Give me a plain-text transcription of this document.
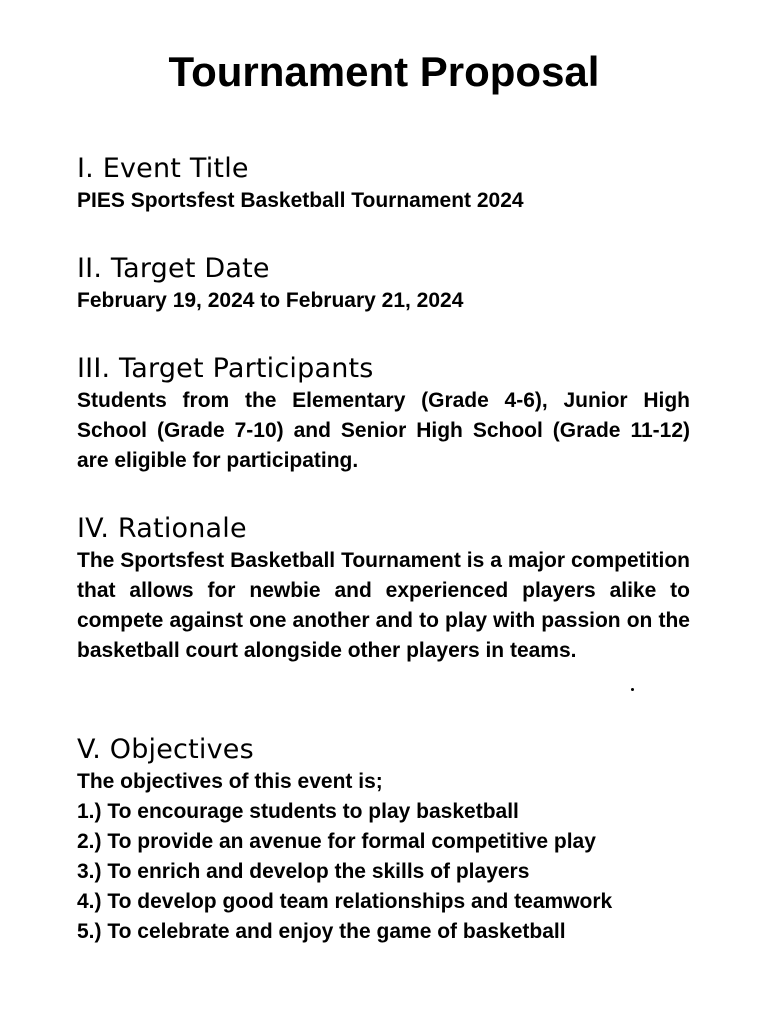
Tournament Proposal
I. Event Title

PIES Sportsfest Basketball Tournament 2024

II. Target Date

February 19, 2024 to February 21, 2024

III. Target Participants

Students from the Elementary (Grade 4-6), Junior High School (Grade 7-10) and Senior High School (Grade 11-12) are eligible for participating.

IV. Rationale

The Sportsfest Basketball Tournament is a major competition that allows for newbie and experienced players alike to compete against one another and to play with passion on the basketball court alongside other players in teams.

V. Objectives

The objectives of this event is;

1.) To encourage students to play basketball
2.) To provide an avenue for formal competitive play
3.) To enrich and develop the skills of players
4.) To develop good team relationships and teamwork
5.) To celebrate and enjoy the game of basketball
